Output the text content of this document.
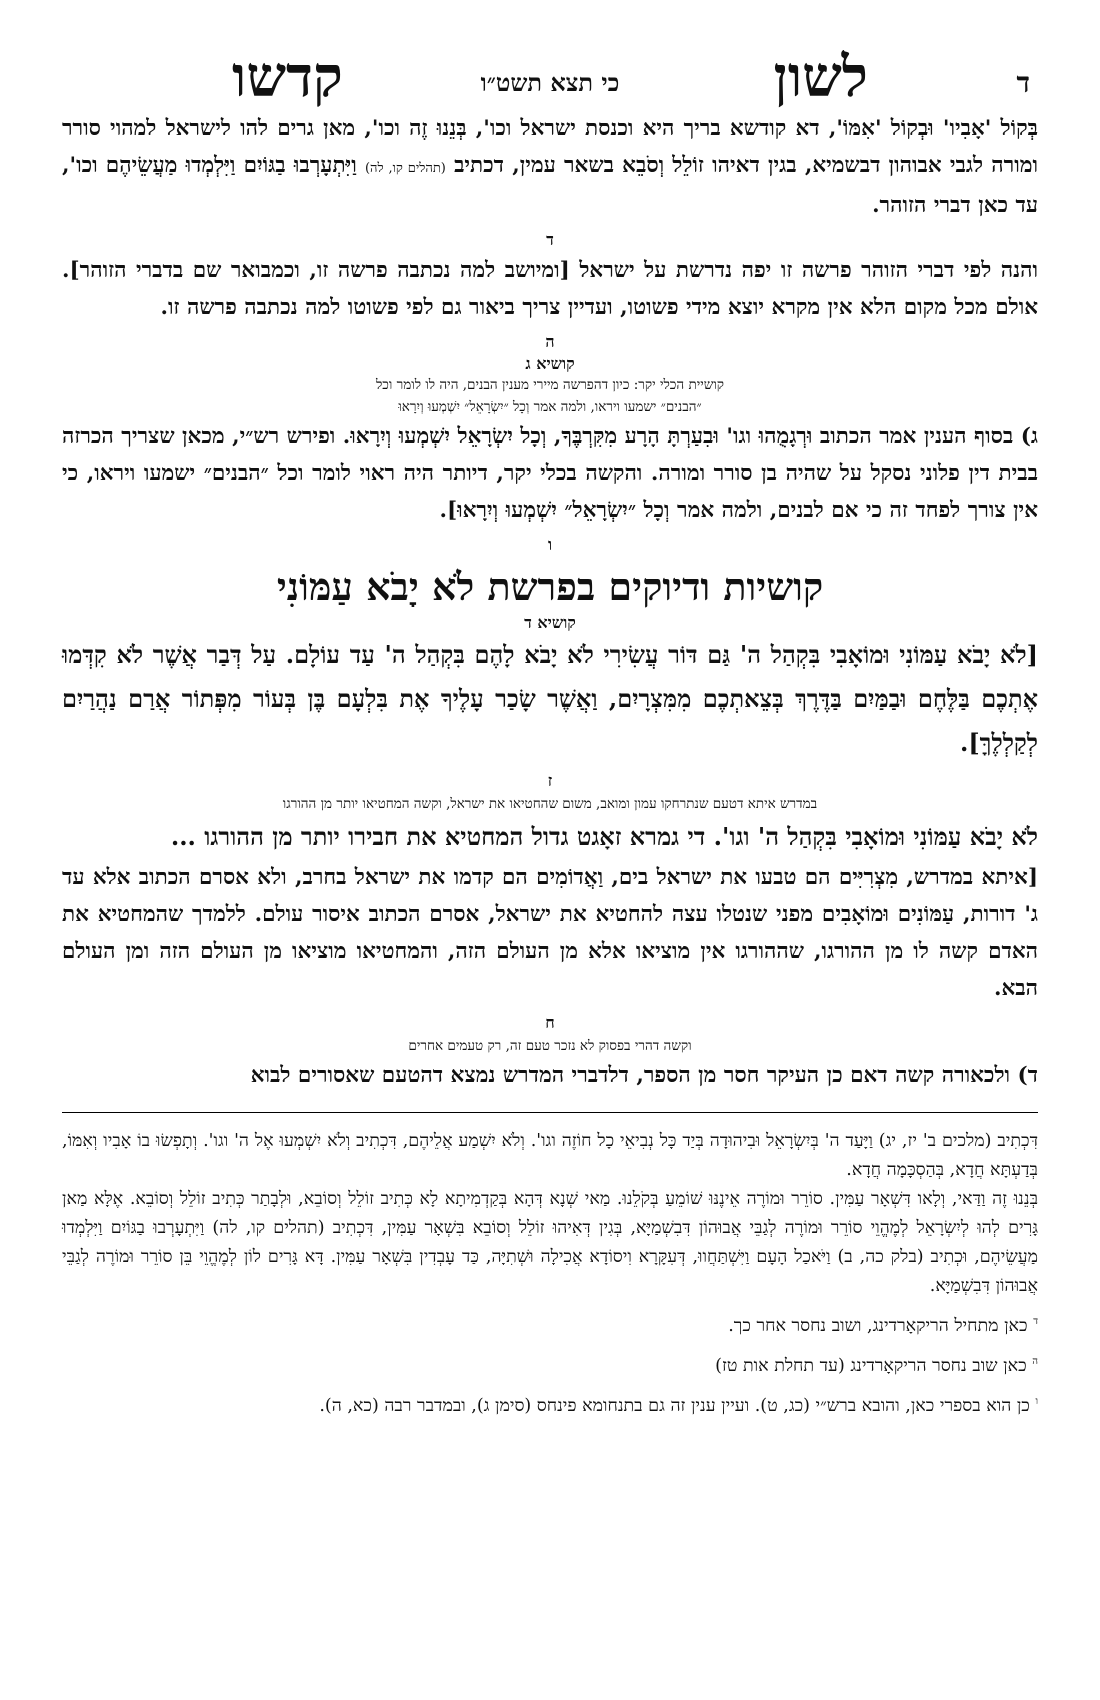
ד
לשון
כי תצא תשט״ו
קדשו

בְּקוֹל 'אָבִיו' וּבְקוֹל 'אִמּוֹ', דא קודשא בריך היא וכנסת ישראל וכו', בְּנֵנוּ זֶה וכו', מאן גרים להו לישראל למהוי סורר ומורה לגבי אבוהון דבשמיא, בגין דאיהו זוֹלֵל וְסֹבֵא בשאר עמין, דכתיב (תהלים קו, לה) וַיִּתְעָרְבוּ בַגּוֹיִם וַיִּלְמְדוּ מַעֲשֵׂיהֶם וכו', עד כאן דברי הזוהר.

ד

והנה לפי דברי הזוהר פרשה זו יפה נדרשת על ישראל [ומיושב למה נכתבה פרשה זו, וכמבואר שם בדברי הזוהר]. אולם מכל מקום הלא אין מקרא יוצא מידי פשוטו, ועדיין צריך ביאור גם לפי פשוטו למה נכתבה פרשה זו.

ה
קושיא ג
קושיית הכלי יקר: כיון דהפרשה מיירי מענין הבנים, היה לו לומר וכל
״הבנים״ ישמעו ויראו, ולמה אמר וְכָל ״יִשְׂרָאֵל״ יִשְׁמְעוּ וְיִרָאוּ

ג) בסוף הענין אמר הכתוב וּרְגָמֻהוּ וגו' וּבִעַרְתָּ הָרָע מִקִּרְבֶּךָ, וְכָל יִשְׂרָאֵל יִשְׁמְעוּ וְיִרָאוּ. ופירש רש״י, מכאן שצריך הכרזה בבית דין פלוני נסקל על שהיה בן סורר ומורה. והקשה בכלי יקר, דיותר היה ראוי לומר וכל ״הבנים״ ישמעו ויראו, כי אין צורך לפחד זה כי אם לבנים, ולמה אמר וְכָל ״יִשְׂרָאֵל״ יִשְׁמְעוּ וְיִרָאוּ].

ו
קושיות ודיוקים בפרשת לֹא יָבֹא עַמּוֹנִי
קושיא ד

[לֹא יָבֹא עַמּוֹנִי וּמוֹאָבִי בִּקְהַל ה' גַּם דּוֹר עֲשִׂירִי לֹא יָבֹא לָהֶם בִּקְהַל ה' עַד עוֹלָם. עַל דְּבַר אֲשֶׁר לֹא קִדְּמוּ אֶתְכֶם בַּלֶּחֶם וּבַמַּיִם בַּדֶּרֶךְ בְּצֵאתְכֶם מִמִּצְרָיִם, וַאֲשֶׁר שָׂכַר עָלֶיךָ אֶת בִּלְעָם בֶּן בְּעוֹר מִפְּתוֹר אֲרַם נַהֲרַיִם לְקַלְלֶךָּ].

ז
במדרש איתא דטעם שנתרחקו עמון ומואב, משום שהחטיאו את ישראל, וקשה המחטיאו יותר מן ההורגו

לֹא יָבֹא עַמּוֹנִי וּמוֹאָבִי בִּקְהַל ה' וגו'. די גמרא זאָגט גדול המחטיא את חבירו יותר מן ההורגו ...

[איתא במדרש, מִצְרִיִּים הם טבעו את ישראל בים, וַאֲדוֹמִים הם קדמו את ישראל בחרב, ולא אסרם הכתוב אלא עד ג' דורות, עַמּוֹנִים וּמוֹאָבִים מפני שנטלו עצה להחטיא את ישראל, אסרם הכתוב איסור עולם. ללמדך שהמחטיא את האדם קשה לו מן ההורגו, שההורגו אין מוציאו אלא מן העולם הזה, והמחטיאו מוציאו מן העולם הזה ומן העולם הבא.

ח
וקשה דהרי בפסוק לא נזכר טעם זה, רק טעמים אחרים

ד) ולכאורה קשה דאם כן העיקר חסר מן הספר, דלדברי המדרש נמצא דהטעם שאסורים לבוא

דִּכְתִיב (מלכים ב' יז, יג) וַיָּעַד ה' בְּיִשְׂרָאֵל וּבִיהוּדָה בְּיַד כָּל נְבִיאֵי כָל חוֹזֶה וגו'. וְלֹא יִשְׁמַע אֲלֵיהֶם, דִּכְתִיב וְלֹא יִשְׁמְעוּ אֶל ה' וגו'. וְתָפְשׂוּ בוֹ אָבִיו וְאִמּוֹ, בְּדַעְתָּא חֲדָא, בְּהַסְכָּמָה חֲדָא.

בְּנֵנוּ זֶה וַדַּאי, וְלָאו דִּשְׁאָר עַמִּין. סוֹרֵר וּמוֹרֶה אֵינֶנּוּ שׁוֹמֵעַ בְּקֹלֵנוּ. מַאי שְׁנָא דְּהָא בְּקַדְמִיתָא לָא כְּתִיב זוֹלֵל וְסוֹבֵא, וּלְבָתַר כְּתִיב זוֹלֵל וְסוֹבֵא. אֶלָּא מַאן גָּרִים לְהוּ לְיִשְׂרָאֵל לְמֶהֱוֵי סוֹרֵר וּמוֹרֶה לְגַבֵּי אֲבוּהוֹן דִּבִשְׁמַיָּא, בְּגִין דְּאִיהוּ זוֹלֵל וְסוֹבֵא בִּשְׁאָר עַמִּין, דִּכְתִיב (תהלים קו, לה) וַיִּתְעָרְבוּ בַגּוֹיִם וַיִּלְמְדוּ מַעֲשֵׂיהֶם, וּכְתִיב (בלק כה, ב) וַיֹּאכַל הָעָם וַיִּשְׁתַּחֲווּ, דְּעִקָּרָא וִיסוֹדָא אֲכִילָה וּשְׁתִיָּה, כַּד עָבְדִין בִּשְׁאָר עַמִּין. דָּא גָּרִים לוֹן לְמֶהֱוֵי בֵּן סוֹרֵר וּמוֹרֶה לְגַבֵּי אֲבוּהוֹן דִּבִשְׁמַיָּא.

$^ד$ כאן מתחיל הריקאָרדינג, ושוב נחסר אחר כך.

$^ה$ כאן שוב נחסר הריקאָרדינג (עד תחלת אות טז)

$^ו$ כן הוא בספרי כאן, והובא ברש״י (כג, ט). ועיין ענין זה גם בתנחומא פינחס (סימן ג), ובמדבר רבה (כא, ה).
